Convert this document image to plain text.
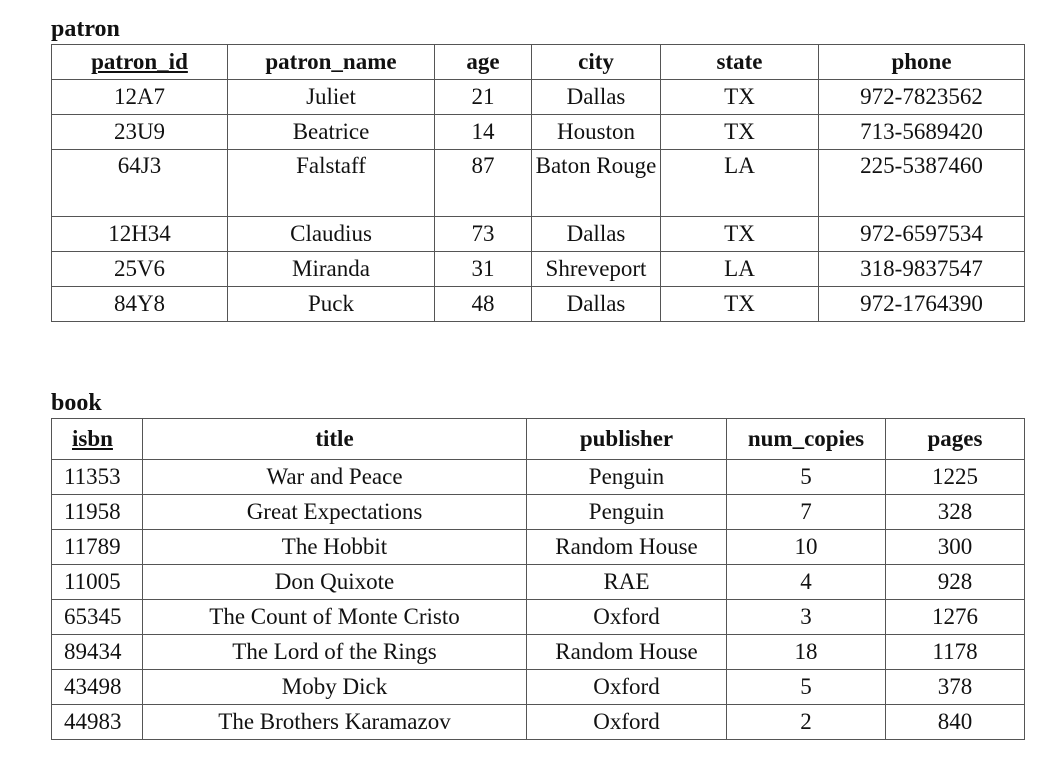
patron

patron_id	patron_name	age	city	state	phone
12A7	Juliet	21	Dallas	TX	972-7823562
23U9	Beatrice	14	Houston	TX	713-5689420
64J3	Falstaff	87	Baton Rouge	LA	225-5387460
12H34	Claudius	73	Dallas	TX	972-6597534
25V6	Miranda	31	Shreveport	LA	318-9837547
84Y8	Puck	48	Dallas	TX	972-1764390

book

isbn	title	publisher	num_copies	pages
11353	War and Peace	Penguin	5	1225
11958	Great Expectations	Penguin	7	328
11789	The Hobbit	Random House	10	300
11005	Don Quixote	RAE	4	928
65345	The Count of Monte Cristo	Oxford	3	1276
89434	The Lord of the Rings	Random House	18	1178
43498	Moby Dick	Oxford	5	378
44983	The Brothers Karamazov	Oxford	2	840
